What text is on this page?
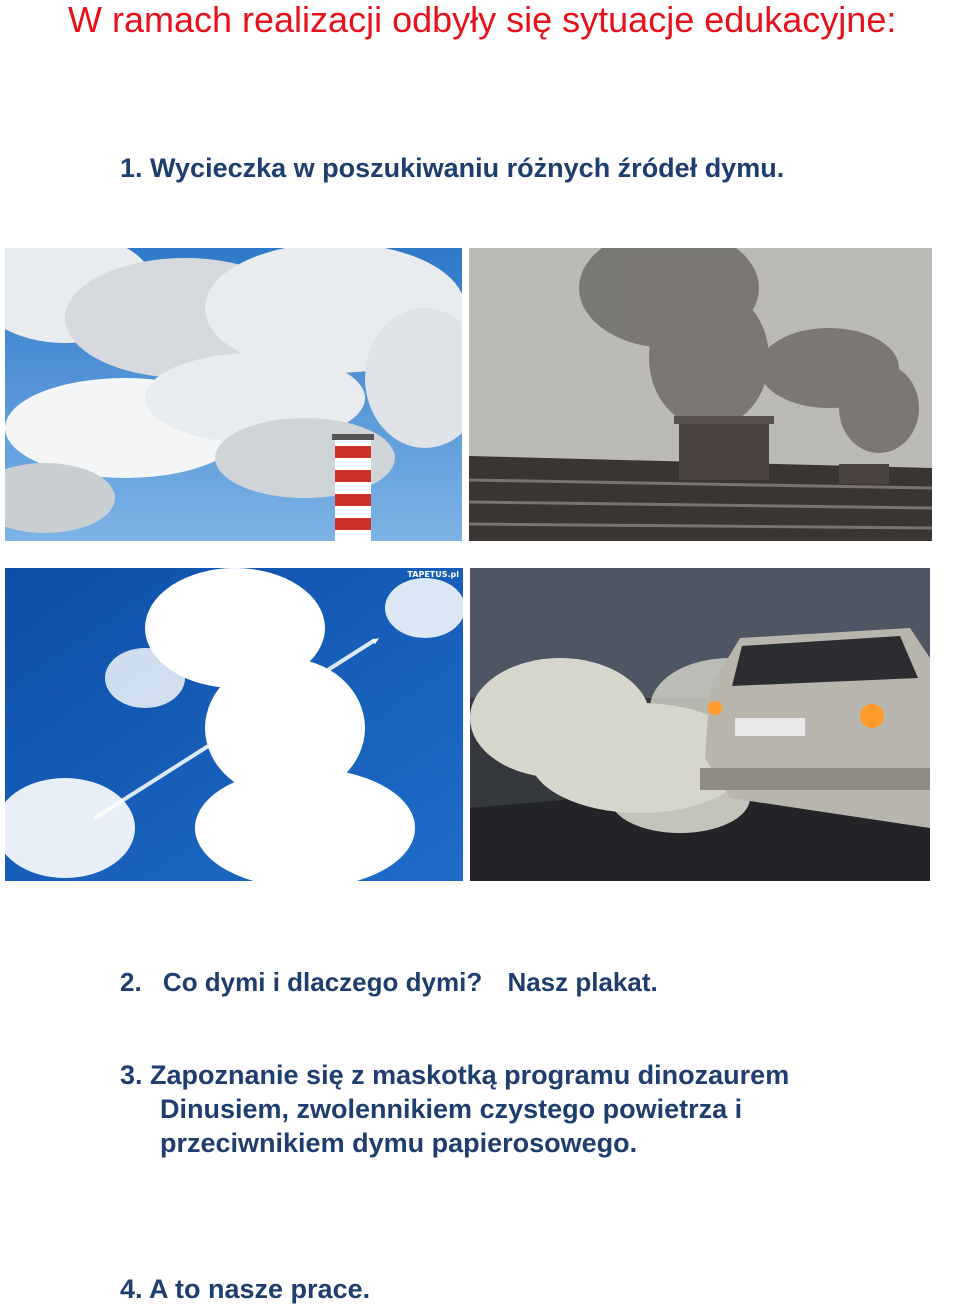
W ramach realizacji odbyły się sytuacje edukacyjne:
1. Wycieczka w poszukiwaniu różnych źródeł dymu.
TAPETUS.pl
2. Co dymi i dlaczego dymi? Nasz plakat.
3. Zapoznanie się z maskotką programu dinozaurem
Dinusiem, zwolennikiem czystego powietrza i
przeciwnikiem dymu papierosowego.
4. A to nasze prace.
